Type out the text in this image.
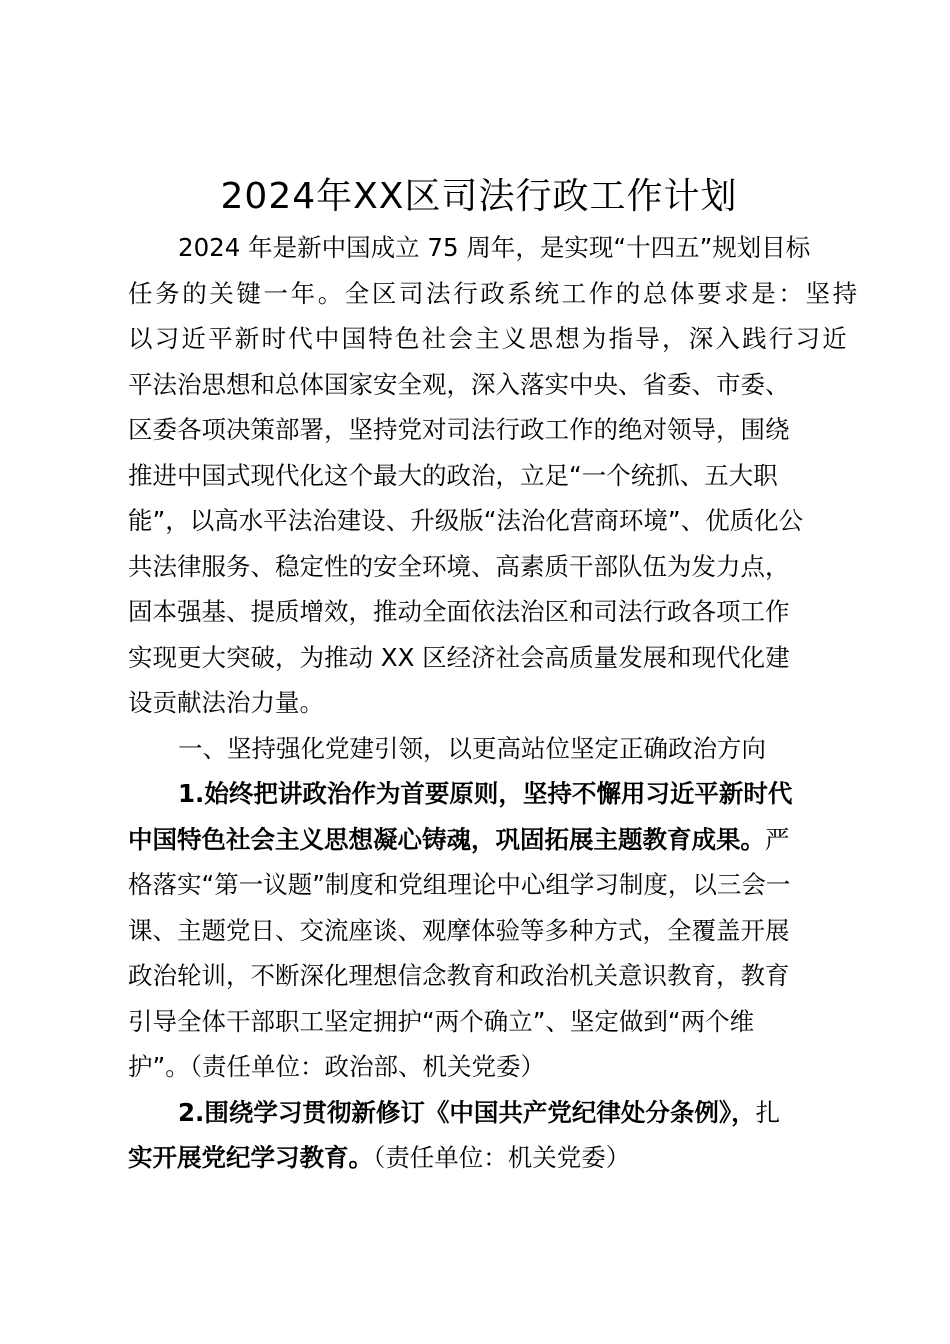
2024年XX区司法行政工作计划
2024 年是新中国成立 75 周年，是实现“十四五”规划目标
任务的关键一年。全区司法行政系统工作的总体要求是：坚持
以习近平新时代中国特色社会主义思想为指导，深入践行习近
平法治思想和总体国家安全观，深入落实中央、省委、市委、
区委各项决策部署，坚持党对司法行政工作的绝对领导，围绕
推进中国式现代化这个最大的政治，立足“一个统抓、五大职
能”，以高水平法治建设、升级版“法治化营商环境”、优质化公
共法律服务、稳定性的安全环境、高素质干部队伍为发力点，
固本强基、提质增效，推动全面依法治区和司法行政各项工作
实现更大突破，为推动 XX 区经济社会高质量发展和现代化建
设贡献法治力量。
一、坚持强化党建引领，以更高站位坚定正确政治方向
1.始终把讲政治作为首要原则，坚持不懈用习近平新时代
中国特色社会主义思想凝心铸魂，巩固拓展主题教育成果。严
格落实“第一议题”制度和党组理论中心组学习制度，以三会一
课、主题党日、交流座谈、观摩体验等多种方式，全覆盖开展
政治轮训，不断深化理想信念教育和政治机关意识教育，教育
引导全体干部职工坚定拥护“两个确立”、坚定做到“两个维
护”。（责任单位：政治部、机关党委）
2.围绕学习贯彻新修订《中国共产党纪律处分条例》，扎
实开展党纪学习教育。（责任单位：机关党委）
